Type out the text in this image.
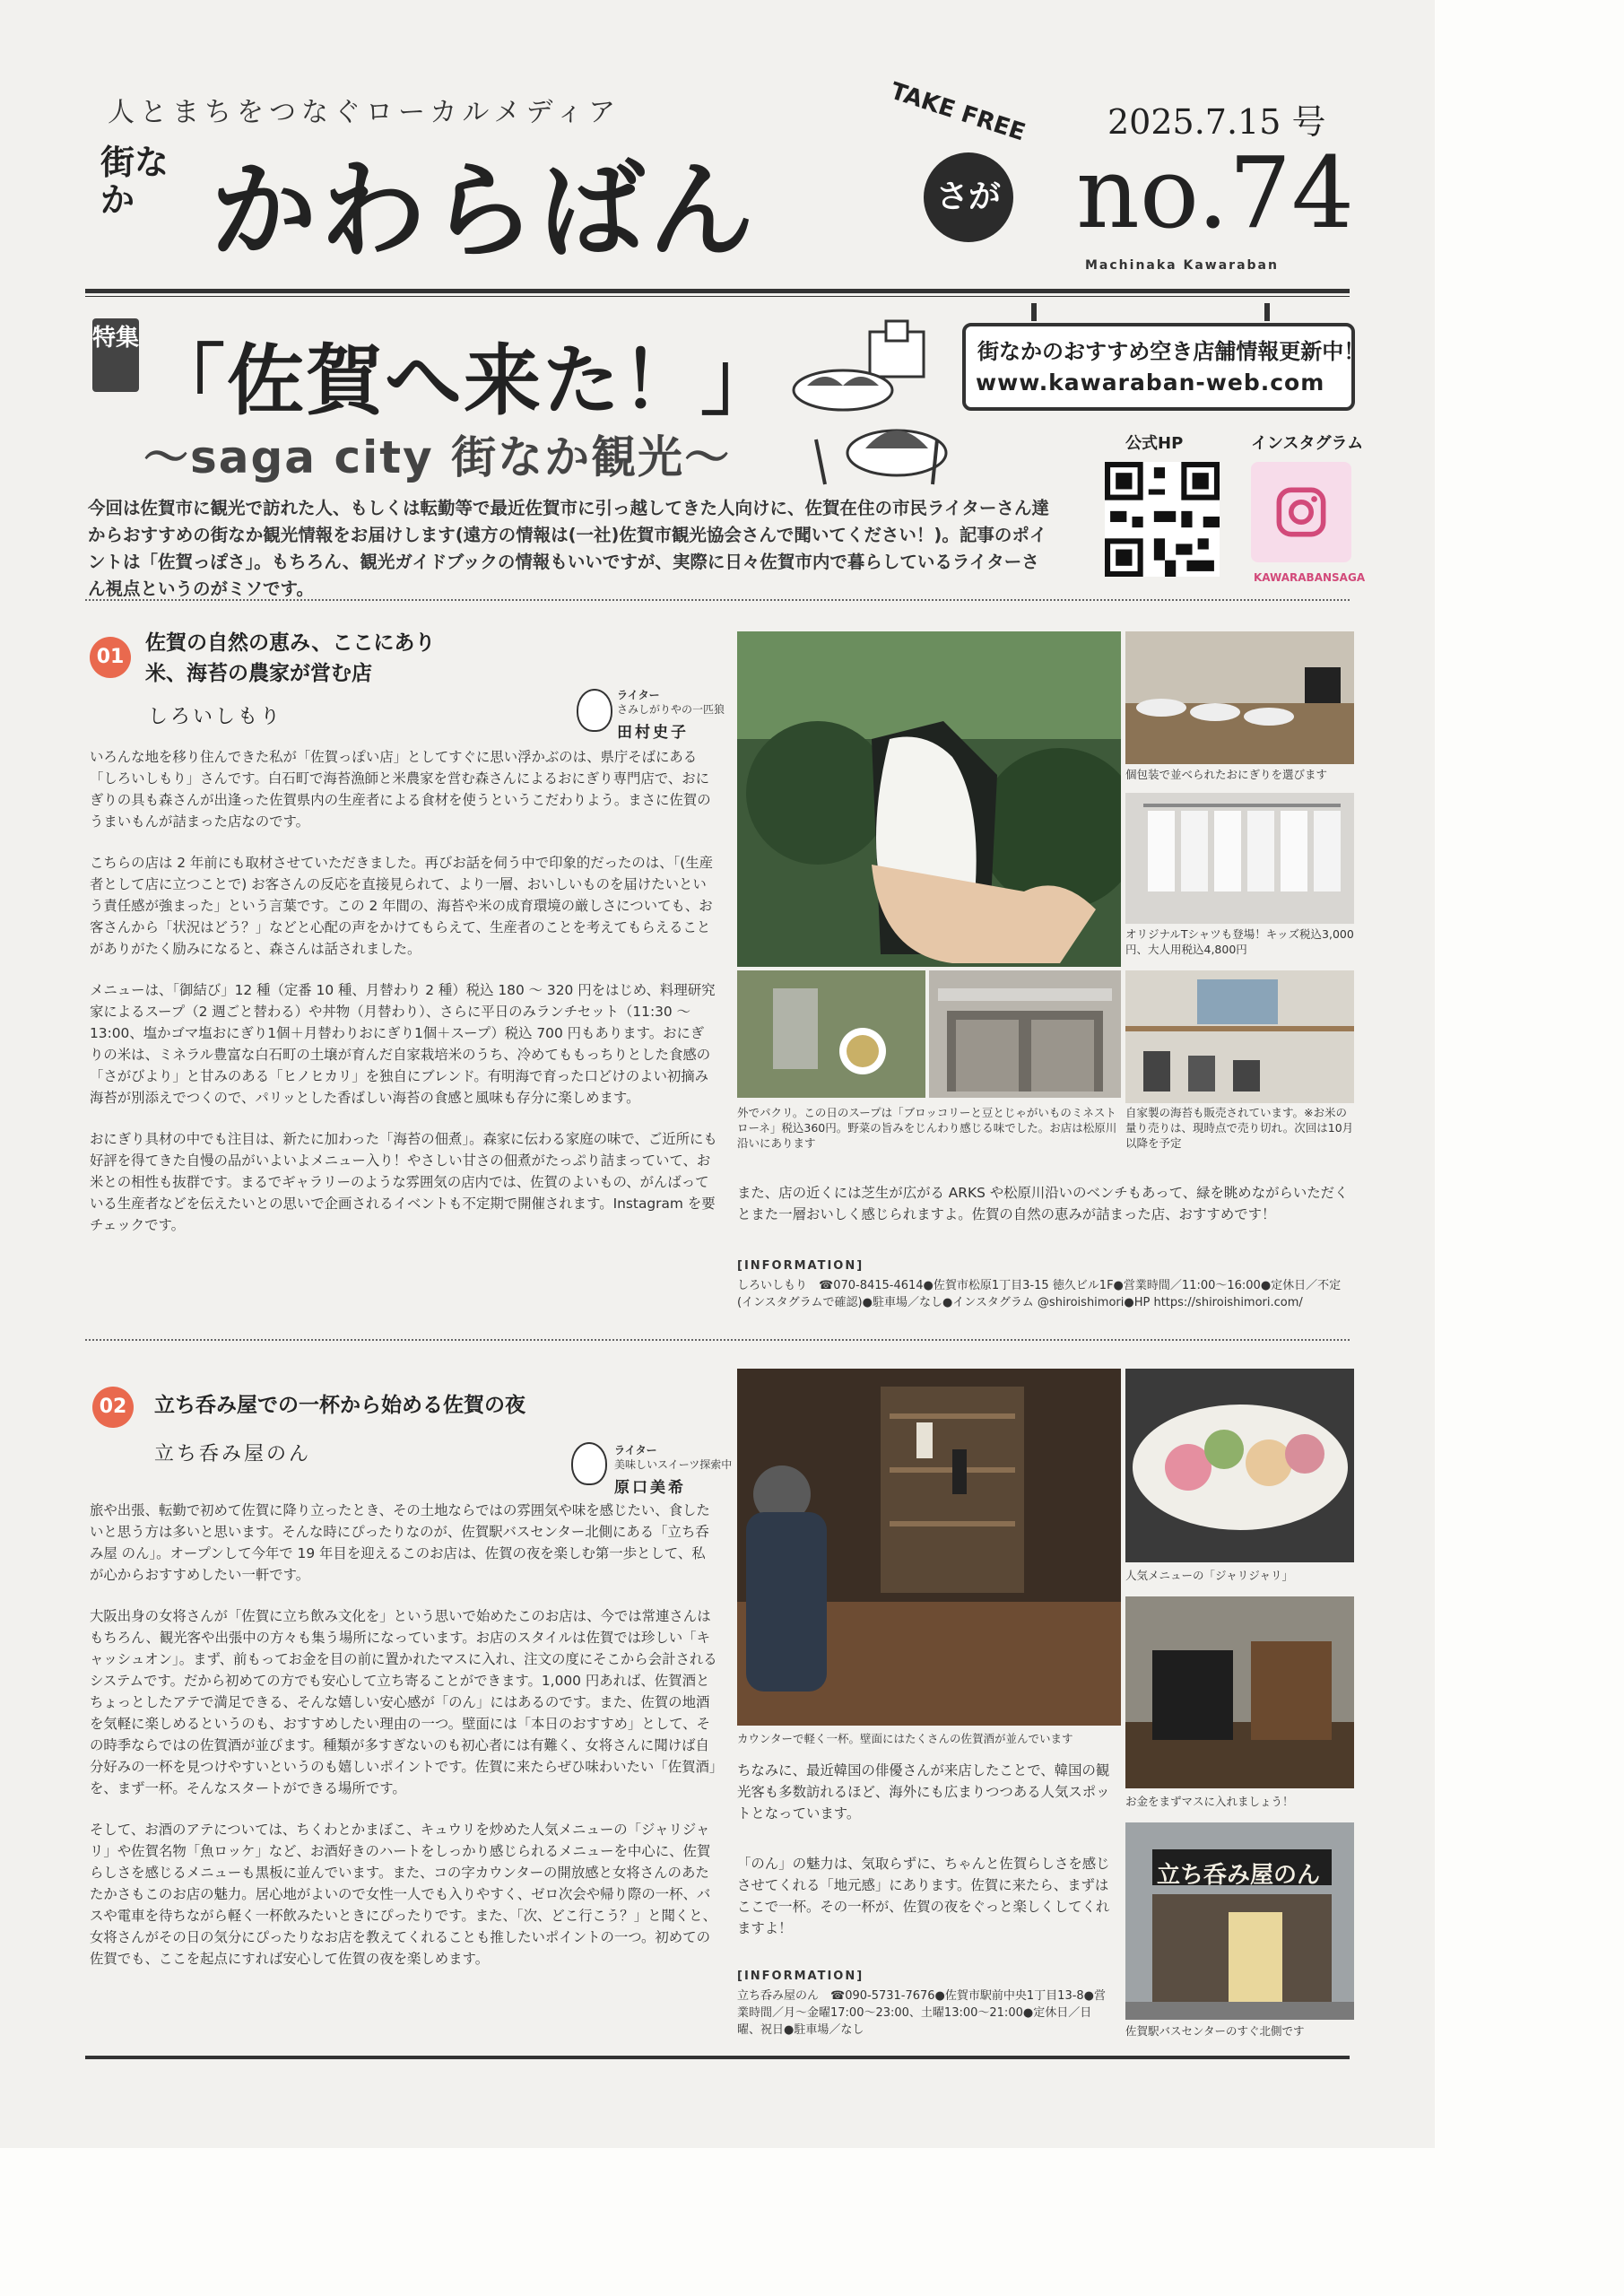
人とまちをつなぐローカルメディア
街なか かわらばん
TAKE FREE
さが
2025.7.15 号
no.74
Machinaka Kawaraban
特集 「佐賀へ来た！」
～saga city 街なか観光～
街なかのおすすめ空き店舗情報更新中！
www.kawaraban-web.com
公式HP	インスタグラム
KAWARABANSAGA
今回は佐賀市に観光で訪れた人、もしくは転勤等で最近佐賀市に引っ越してきた人向けに、佐賀在住の市民ライターさん達からおすすめの街なか観光情報をお届けします(遠方の情報は(一社)佐賀市観光協会さんで聞いてください！)。記事のポイントは「佐賀っぽさ」。もちろん、観光ガイドブックの情報もいいですが、実際に日々佐賀市内で暮らしているライターさん視点というのがミソです。
01
佐賀の自然の恵み、ここにあり
米、海苔の農家が営む店
しろいしもり
ライター
さみしがりやの一匹狼
田村史子

いろんな地を移り住んできた私が「佐賀っぽい店」としてすぐに思い浮かぶのは、県庁そばにある「しろいしもり」さんです。白石町で海苔漁師と米農家を営む森さんによるおにぎり専門店で、おにぎりの具も森さんが出逢った佐賀県内の生産者による食材を使うというこだわりよう。まさに佐賀のうまいもんが詰まった店なのです。

こちらの店は 2 年前にも取材させていただきました。再びお話を伺う中で印象的だったのは、「(生産者として店に立つことで) お客さんの反応を直接見られて、より一層、おいしいものを届けたいという責任感が強まった」という言葉です。この 2 年間の、海苔や米の成育環境の厳しさについても、お客さんから「状況はどう？」などと心配の声をかけてもらえて、生産者のことを考えてもらえることがありがたく励みになると、森さんは話されました。

メニューは、「御結び」12 種（定番 10 種、月替わり 2 種）税込 180 ～ 320 円をはじめ、料理研究家によるスープ（2 週ごと替わる）や丼物（月替わり）、さらに平日のみランチセット（11:30 ～ 13:00、塩かゴマ塩おにぎり1個＋月替わりおにぎり1個＋スープ）税込 700 円もあります。おにぎりの米は、ミネラル豊富な白石町の土壌が育んだ自家栽培米のうち、冷めてももっちりとした食感の「さがびより」と甘みのある「ヒノヒカリ」を独自にブレンド。有明海で育った口どけのよい初摘み海苔が別添えでつくので、パリッとした香ばしい海苔の食感と風味も存分に楽しめます。

おにぎり具材の中でも注目は、新たに加わった「海苔の佃煮」。森家に伝わる家庭の味で、ご近所にも好評を得てきた自慢の品がいよいよメニュー入り！やさしい甘さの佃煮がたっぷり詰まっていて、お米との相性も抜群です。まるでギャラリーのような雰囲気の店内では、佐賀のよいもの、がんばっている生産者などを伝えたいとの思いで企画されるイベントも不定期で開催されます。Instagram を要チェックです。

個包装で並べられたおにぎりを選びます
オリジナルTシャツも登場！キッズ税込3,000円、大人用税込4,800円
外でパクリ。この日のスープは「ブロッコリーと豆とじゃがいものミネストローネ」税込360円。野菜の旨みをじんわり感じる味でした。お店は松原川沿いにあります
自家製の海苔も販売されています。※お米の量り売りは、現時点で売り切れ。次回は10月以降を予定
また、店の近くには芝生が広がる ARKS や松原川沿いのベンチもあって、緑を眺めながらいただくとまた一層おいしく感じられますよ。佐賀の自然の恵みが詰まった店、おすすめです！
[INFORMATION]
しろいしもり　☎070-8415-4614●佐賀市松原1丁目3-15 徳久ビル1F●営業時間／11:00～16:00●定休日／不定(インスタグラムで確認)●駐車場／なし●インスタグラム @shiroishimori●HP https://shiroishimori.com/
02	立ち呑み屋での一杯から始める佐賀の夜
立ち呑み屋のん	ライター
美味しいスイーツ探索中
原口美希

旅や出張、転勤で初めて佐賀に降り立ったとき、その土地ならではの雰囲気や味を感じたい、食したいと思う方は多いと思います。そんな時にぴったりなのが、佐賀駅バスセンター北側にある「立ち呑み屋 のん」。オープンして今年で 19 年目を迎えるこのお店は、佐賀の夜を楽しむ第一歩として、私が心からおすすめしたい一軒です。

大阪出身の女将さんが「佐賀に立ち飲み文化を」という思いで始めたこのお店は、今では常連さんはもちろん、観光客や出張中の方々も集う場所になっています。お店のスタイルは佐賀では珍しい「キャッシュオン」。まず、前もってお金を目の前に置かれたマスに入れ、注文の度にそこから会計されるシステムです。だから初めての方でも安心して立ち寄ることができます。1,000 円あれば、佐賀酒とちょっとしたアテで満足できる、そんな嬉しい安心感が「のん」にはあるのです。また、佐賀の地酒を気軽に楽しめるというのも、おすすめしたい理由の一つ。壁面には「本日のおすすめ」として、その時季ならではの佐賀酒が並びます。種類が多すぎないのも初心者には有難く、女将さんに聞けば自分好みの一杯を見つけやすいというのも嬉しいポイントです。佐賀に来たらぜひ味わいたい「佐賀酒」を、まず一杯。そんなスタートができる場所です。

そして、お酒のアテについては、ちくわとかまぼこ、キュウリを炒めた人気メニューの「ジャリジャリ」や佐賀名物「魚ロッケ」など、お酒好きのハートをしっかり感じられるメニューを中心に、佐賀らしさを感じるメニューも黒板に並んでいます。また、コの字カウンターの開放感と女将さんのあたたかさもこのお店の魅力。居心地がよいので女性一人でも入りやすく、ゼロ次会や帰り際の一杯、バスや電車を待ちながら軽く一杯飲みたいときにぴったりです。また、「次、どこ行こう？」と聞くと、女将さんがその日の気分にぴったりなお店を教えてくれることも推したいポイントの一つ。初めての佐賀でも、ここを起点にすれば安心して佐賀の夜を楽しめます。

カウンターで軽く一杯。壁面にはたくさんの佐賀酒が並んでいます
人気メニューの「ジャリジャリ」
お金をまずマスに入れましょう！
ちなみに、最近韓国の俳優さんが来店したことで、韓国の観光客も多数訪れるほど、海外にも広まりつつある人気スポットとなっています。
「のん」の魅力は、気取らずに、ちゃんと佐賀らしさを感じさせてくれる「地元感」にあります。佐賀に来たら、まずはここで一杯。その一杯が、佐賀の夜をぐっと楽しくしてくれますよ！
[INFORMATION]
立ち呑み屋のん　☎090-5731-7676●佐賀市駅前中央1丁目13-8●営業時間／月～金曜17:00～23:00、土曜13:00～21:00●定休日／日曜、祝日●駐車場／なし
立ち呑み屋のん
佐賀駅バスセンターのすぐ北側です
